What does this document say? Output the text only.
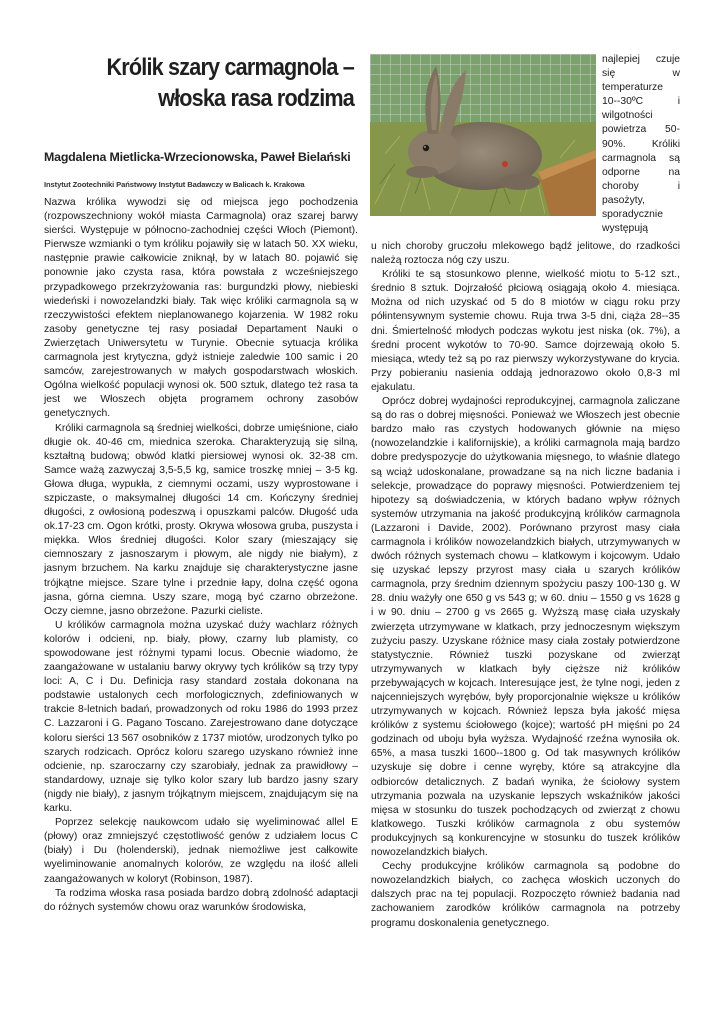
Królik szary carmagnola –
włoska rasa rodzima

Magdalena Mietlicka-Wrzecionowska, Paweł Bielański

Instytut Zootechniki Państwowy Instytut Badawczy w Balicach k. Krakowa

Nazwa królika wywodzi się od miejsca jego pochodzenia (rozpowszechniony wokół miasta Carmagnola) oraz szarej barwy sierści. Występuje w północno-zachodniej części Włoch (Piemont). Pierwsze wzmianki o tym króliku pojawiły się w latach 50. XX wieku, następnie prawie całkowicie zniknął, by w latach 80. pojawić się ponownie jako czysta rasa, która powstała z wcześniejszego przypadkowego przekrzyżowania ras: burgundzki płowy, niebieski wiedeński i nowozelandzki biały. Tak więc króliki carmagnola są w rzeczywistości efektem nieplanowanego kojarzenia. W 1982 roku zasoby genetyczne tej rasy posiadał Departament Nauki o Zwierzętach Uniwersytetu w Turynie. Obecnie sytuacja królika carmagnola jest krytyczna, gdyż istnieje zaledwie 100 samic i 20 samców, zarejestrowanych w małych gospodarstwach włoskich. Ogólna wielkość populacji wynosi ok. 500 sztuk, dlatego też rasa ta jest we Włoszech objęta programem ochrony zasobów genetycznych.

Króliki carmagnola są średniej wielkości, dobrze umięśnione, ciało długie ok. 40-46 cm, miednica szeroka. Charakteryzują się silną, kształtną budową; obwód klatki piersiowej wynosi ok. 32-38 cm. Samce ważą zazwyczaj 3,5-5,5 kg, samice troszkę mniej – 3-5 kg. Głowa długa, wypukła, z ciemnymi oczami, uszy wyprostowane i szpiczaste, o maksymalnej długości 14 cm. Kończyny średniej długości, z owłosioną podeszwą i opuszkami palców. Długość uda ok.17-23 cm. Ogon krótki, prosty. Okrywa włosowa gruba, puszysta i miękka. Włos średniej długości. Kolor szary (mieszający się ciemnoszary z jasnoszarym i płowym, ale nigdy nie białym), z jasnym brzuchem. Na karku znajduje się charakterystyczne jasne trójkątne miejsce. Szare tylne i przednie łapy, dolna część ogona jasna, górna ciemna. Uszy szare, mogą być czarno obrzeżone. Oczy ciemne, jasno obrzeżone. Pazurki cieliste.

U królików carmagnola można uzyskać duży wachlarz różnych kolorów i odcieni, np. biały, płowy, czarny lub plamisty, co spowodowane jest różnymi typami locus. Obecnie wiadomo, że zaangażowane w ustalaniu barwy okrywy tych królików są trzy typy loci: A, C i Du. Definicja rasy standard została dokonana na podstawie ustalonych cech morfologicznych, zdefiniowanych w trakcie 8-letnich badań, prowadzonych od roku 1986 do 1993 przez C. Lazzaroni i G. Pagano Toscano. Zarejestrowano dane dotyczące koloru sierści 13 567 osobników z 1737 miotów, urodzonych tylko po szarych rodzicach. Oprócz koloru szarego uzyskano również inne odcienie, np. szaroczarny czy szarobiały, jednak za prawidłowy – standardowy, uznaje się tylko kolor szary lub bardzo jasny szary (nigdy nie biały), z jasnym trójkątnym miejscem, znajdującym się na karku.

Poprzez selekcję naukowcom udało się wyeliminować allel E (płowy) oraz zmniejszyć częstotliwość genów z udziałem locus C (biały) i Du (holenderski), jednak niemożliwe jest całkowite wyeliminowanie anomalnych kolorów, ze względu na ilość alleli zaangażowanych w koloryt (Robinson, 1987).

Ta rodzima włoska rasa posiada bardzo dobrą zdolność adaptacji do różnych systemów chowu oraz warunków środowiska,

najlepiej czuje się w temperaturze 10--30ºC i wilgotności powietrza 50-90%. Króliki carmagnola są odporne na choroby i pasożyty, sporadycznie występują

u nich choroby gruczołu mlekowego bądź jelitowe, do rzadkości należą roztocza nóg czy uszu.

Króliki te są stosunkowo plenne, wielkość miotu to 5-12 szt., średnio 8 sztuk. Dojrzałość płciową osiągają około 4. miesiąca. Można od nich uzyskać od 5 do 8 miotów w ciągu roku przy półintensywnym systemie chowu. Ruja trwa 3-5 dni, ciąża 28--35 dni. Śmiertelność młodych podczas wykotu jest niska (ok. 7%), a średni procent wykotów to 70-90. Samce dojrzewają około 5. miesiąca, wtedy też są po raz pierwszy wykorzystywane do krycia. Przy pobieraniu nasienia oddają jednorazowo około 0,8-3 ml ejakulatu.

Oprócz dobrej wydajności reprodukcyjnej, carmagnola zaliczane są do ras o dobrej mięsności. Ponieważ we Włoszech jest obecnie bardzo mało ras czystych hodowanych głównie na mięso (nowozelandzkie i kalifornijskie), a króliki carmagnola mają bardzo dobre predyspozycje do użytkowania mięsnego, to właśnie dlatego są wciąż udoskonalane, prowadzane są na nich liczne badania i selekcje, prowadzące do poprawy mięsności. Potwierdzeniem tej hipotezy są doświadczenia, w których badano wpływ różnych systemów utrzymania na jakość produkcyjną królików carmagnola (Lazzaroni i Davide, 2002). Porównano przyrost masy ciała carmagnola i królików nowozelandzkich białych, utrzymywanych w dwóch różnych systemach chowu – klatkowym i kojcowym. Udało się uzyskać lepszy przyrost masy ciała u szarych królików carmagnola, przy średnim dziennym spożyciu paszy 100-130 g. W 28. dniu ważyły one 650 g vs 543 g; w 60. dniu – 1550 g vs 1628 g i w 90. dniu – 2700 g vs 2665 g. Wyższą masę ciała uzyskały zwierzęta utrzymywane w klatkach, przy jednoczesnym większym zużyciu paszy. Uzyskane różnice masy ciała zostały potwierdzone statystycznie. Również tuszki pozyskane od zwierząt utrzymywanych w klatkach były cięższe niż królików przebywających w kojcach. Interesujące jest, że tylne nogi, jeden z najcenniejszych wyrębów, były proporcjonalnie większe u królików utrzymywanych w kojcach. Również lepsza była jakość mięsa królików z systemu ściołowego (kojce); wartość pH mięśni po 24 godzinach od uboju była wyższa. Wydajność rzeźna wynosiła ok. 65%, a masa tuszki 1600--1800 g. Od tak masywnych królików uzyskuje się dobre i cenne wyręby, które są atrakcyjne dla odbiorców detalicznych. Z badań wynika, że ściołowy system utrzymania pozwala na uzyskanie lepszych wskaźników jakości mięsa w stosunku do tuszek pochodzących od zwierząt z chowu klatkowego. Tuszki królików carmagnola z obu systemów produkcyjnych są konkurencyjne w stosunku do tuszek królików nowozelandzkich białych.

Cechy produkcyjne królików carmagnola są podobne do nowozelandzkich białych, co zachęca włoskich uczonych do dalszych prac na tej populacji. Rozpoczęto również badania nad zachowaniem zarodków królików carmagnola na potrzeby programu doskonalenia genetycznego.
